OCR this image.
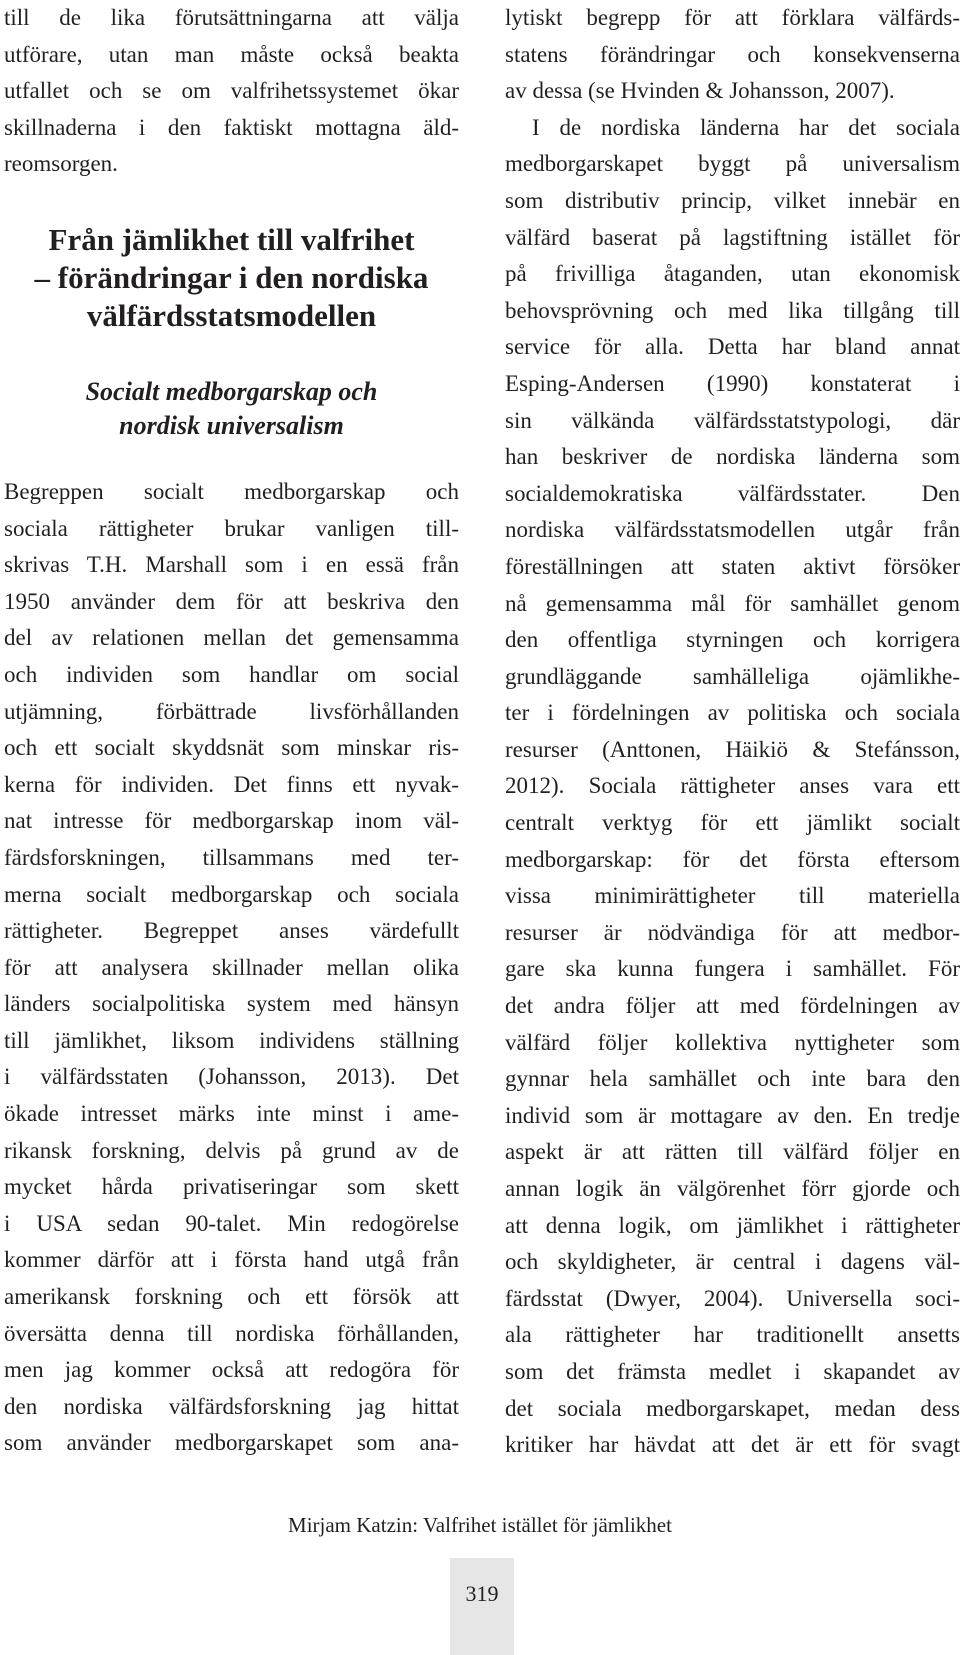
till de lika förutsättningarna att välja
utförare, utan man måste också beakta
utfallet och se om valfrihetssystemet ökar
skillnaderna i den faktiskt mottagna äld-
reomsorgen.
Från jämlikhet till valfrihet
– förändringar i den nordiska
välfärdsstatsmodellen
Socialt medborgarskap och
nordisk universalism
Begreppen socialt medborgarskap och
sociala rättigheter brukar vanligen till-
skrivas T.H. Marshall som i en essä från
1950 använder dem för att beskriva den
del av relationen mellan det gemensamma
och individen som handlar om social
utjämning, förbättrade livsförhållanden
och ett socialt skyddsnät som minskar ris-
kerna för individen. Det finns ett nyvak-
nat intresse för medborgarskap inom väl-
färdsforskningen, tillsammans med ter-
merna socialt medborgarskap och sociala
rättigheter. Begreppet anses värdefullt
för att analysera skillnader mellan olika
länders socialpolitiska system med hänsyn
till jämlikhet, liksom individens ställning
i välfärdsstaten (Johansson, 2013). Det
ökade intresset märks inte minst i ame-
rikansk forskning, delvis på grund av de
mycket hårda privatiseringar som skett
i USA sedan 90-talet. Min redogörelse
kommer därför att i första hand utgå från
amerikansk forskning och ett försök att
översätta denna till nordiska förhållanden,
men jag kommer också att redogöra för
den nordiska välfärdsforskning jag hittat
som använder medborgarskapet som ana-
lytiskt begrepp för att förklara välfärds-
statens förändringar och konsekvenserna
av dessa (se Hvinden & Johansson, 2007).
I de nordiska länderna har det sociala
medborgarskapet byggt på universalism
som distributiv princip, vilket innebär en
välfärd baserat på lagstiftning istället för
på frivilliga åtaganden, utan ekonomisk
behovsprövning och med lika tillgång till
service för alla. Detta har bland annat
Esping-Andersen (1990) konstaterat i
sin välkända välfärdsstatstypologi, där
han beskriver de nordiska länderna som
socialdemokratiska välfärdsstater. Den
nordiska välfärdsstatsmodellen utgår från
föreställningen att staten aktivt försöker
nå gemensamma mål för samhället genom
den offentliga styrningen och korrigera
grundläggande samhälleliga ojämlikhe-
ter i fördelningen av politiska och sociala
resurser (Anttonen, Häikiö & Stefánsson,
2012). Sociala rättigheter anses vara ett
centralt verktyg för ett jämlikt socialt
medborgarskap: för det första eftersom
vissa minimirättigheter till materiella
resurser är nödvändiga för att medbor-
gare ska kunna fungera i samhället. För
det andra följer att med fördelningen av
välfärd följer kollektiva nyttigheter som
gynnar hela samhället och inte bara den
individ som är mottagare av den. En tredje
aspekt är att rätten till välfärd följer en
annan logik än välgörenhet förr gjorde och
att denna logik, om jämlikhet i rättigheter
och skyldigheter, är central i dagens väl-
färdsstat (Dwyer, 2004). Universella soci-
ala rättigheter har traditionellt ansetts
som det främsta medlet i skapandet av
det sociala medborgarskapet, medan dess
kritiker har hävdat att det är ett för svagt
Mirjam Katzin: Valfrihet istället för jämlikhet
319
